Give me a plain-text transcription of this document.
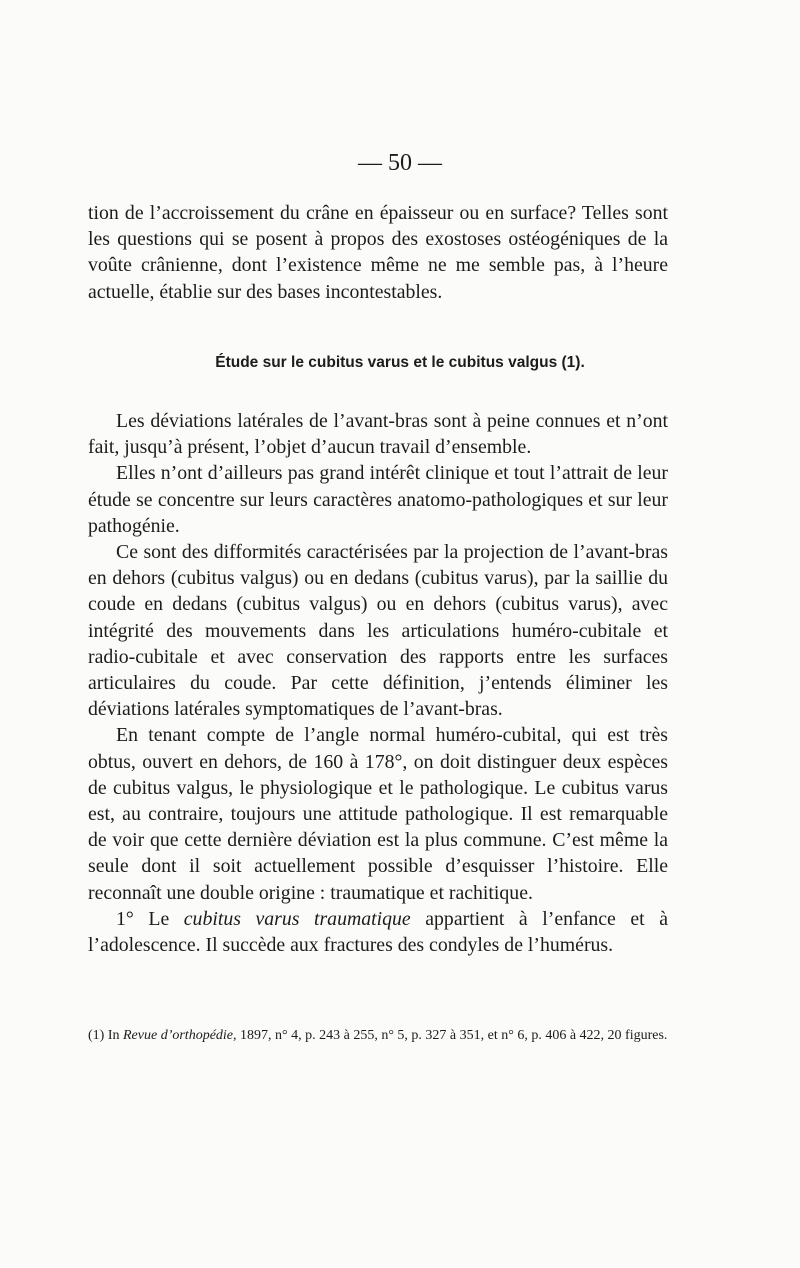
— 50 —

tion de l’accroissement du crâne en épaisseur ou en surface? Telles sont les questions qui se posent à propos des exostoses ostéogéniques de la voûte crânienne, dont l’existence même ne me semble pas, à l’heure actuelle, établie sur des bases incontestables.

Étude sur le cubitus varus et le cubitus valgus (1).

Les déviations latérales de l’avant-bras sont à peine connues et n’ont fait, jusqu’à présent, l’objet d’aucun travail d’ensemble.

Elles n’ont d’ailleurs pas grand intérêt clinique et tout l’attrait de leur étude se concentre sur leurs caractères anatomo-pathologiques et sur leur pathogénie.

Ce sont des difformités caractérisées par la projection de l’avant-bras en dehors (cubitus valgus) ou en dedans (cubitus varus), par la saillie du coude en dedans (cubitus valgus) ou en dehors (cubitus varus), avec intégrité des mouvements dans les articulations huméro-cubitale et radio-cubitale et avec conservation des rapports entre les surfaces articulaires du coude. Par cette définition, j’entends éliminer les déviations latérales symptomatiques de l’avant-bras.

En tenant compte de l’angle normal huméro-cubital, qui est très obtus, ouvert en dehors, de 160 à 178°, on doit distinguer deux espèces de cubitus valgus, le physiologique et le pathologique. Le cubitus varus est, au contraire, toujours une attitude pathologique. Il est remarquable de voir que cette dernière déviation est la plus commune. C’est même la seule dont il soit actuellement possible d’esquisser l’histoire. Elle reconnaît une double origine : traumatique et rachitique.

1° Le cubitus varus traumatique appartient à l’enfance et à l’adolescence. Il succède aux fractures des condyles de l’humérus.

(1) In Revue d’orthopédie, 1897, n° 4, p. 243 à 255, n° 5, p. 327 à 351, et n° 6, p. 406 à 422, 20 figures.
